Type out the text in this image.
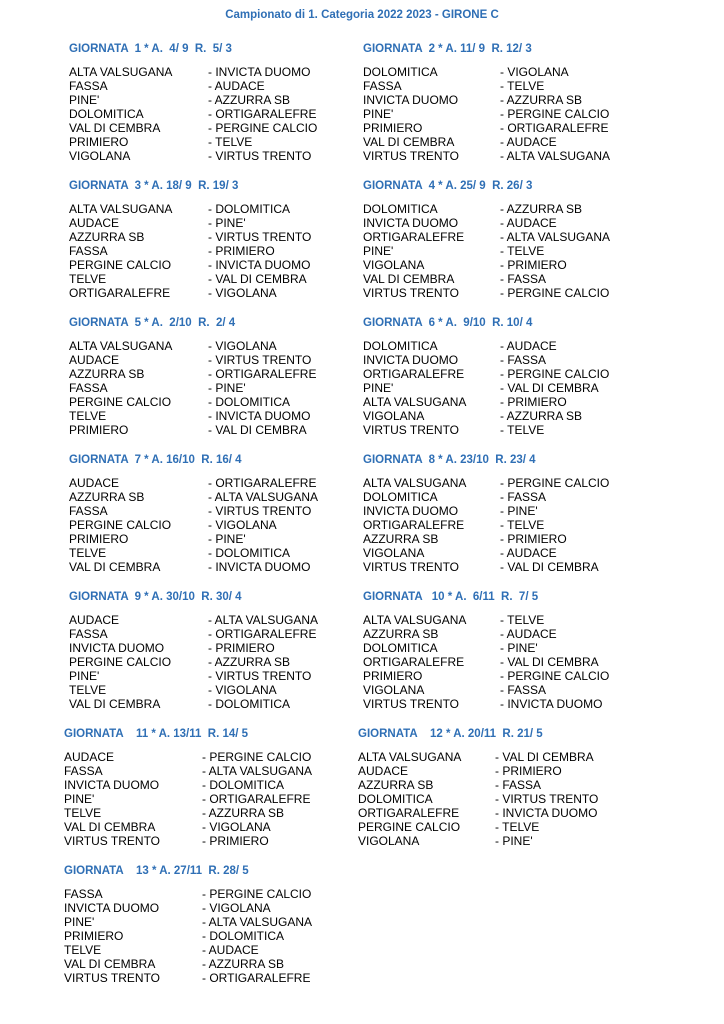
Campionato di 1. Categoria 2022 2023 - GIRONE C
GIORNATA  1 * A.  4/ 9  R.  5/ 3
ALTA VALSUGANA	- INVICTA DUOMO
FASSA	- AUDACE
PINE'	- AZZURRA SB
DOLOMITICA	- ORTIGARALEFRE
VAL DI CEMBRA	- PERGINE CALCIO
PRIMIERO	- TELVE
VIGOLANA	- VIRTUS TRENTO
GIORNATA  2 * A. 11/ 9  R. 12/ 3
DOLOMITICA	- VIGOLANA
FASSA	- TELVE
INVICTA DUOMO	- AZZURRA SB
PINE'	- PERGINE CALCIO
PRIMIERO	- ORTIGARALEFRE
VAL DI CEMBRA	- AUDACE
VIRTUS TRENTO	- ALTA VALSUGANA
GIORNATA  3 * A. 18/ 9  R. 19/ 3
ALTA VALSUGANA	- DOLOMITICA
AUDACE	- PINE'
AZZURRA SB	- VIRTUS TRENTO
FASSA	- PRIMIERO
PERGINE CALCIO	- INVICTA DUOMO
TELVE	- VAL DI CEMBRA
ORTIGARALEFRE	- VIGOLANA
GIORNATA  4 * A. 25/ 9  R. 26/ 3
DOLOMITICA	- AZZURRA SB
INVICTA DUOMO	- AUDACE
ORTIGARALEFRE	- ALTA VALSUGANA
PINE'	- TELVE
VIGOLANA	- PRIMIERO
VAL DI CEMBRA	- FASSA
VIRTUS TRENTO	- PERGINE CALCIO
GIORNATA  5 * A.  2/10  R.  2/ 4
ALTA VALSUGANA	- VIGOLANA
AUDACE	- VIRTUS TRENTO
AZZURRA SB	- ORTIGARALEFRE
FASSA	- PINE'
PERGINE CALCIO	- DOLOMITICA
TELVE	- INVICTA DUOMO
PRIMIERO	- VAL DI CEMBRA
GIORNATA  6 * A.  9/10  R. 10/ 4
DOLOMITICA	- AUDACE
INVICTA DUOMO	- FASSA
ORTIGARALEFRE	- PERGINE CALCIO
PINE'	- VAL DI CEMBRA
ALTA VALSUGANA	- PRIMIERO
VIGOLANA	- AZZURRA SB
VIRTUS TRENTO	- TELVE
GIORNATA  7 * A. 16/10  R. 16/ 4
AUDACE	- ORTIGARALEFRE
AZZURRA SB	- ALTA VALSUGANA
FASSA	- VIRTUS TRENTO
PERGINE CALCIO	- VIGOLANA
PRIMIERO	- PINE'
TELVE	- DOLOMITICA
VAL DI CEMBRA	- INVICTA DUOMO
GIORNATA  8 * A. 23/10  R. 23/ 4
ALTA VALSUGANA	- PERGINE CALCIO
DOLOMITICA	- FASSA
INVICTA DUOMO	- PINE'
ORTIGARALEFRE	- TELVE
AZZURRA SB	- PRIMIERO
VIGOLANA	- AUDACE
VIRTUS TRENTO	- VAL DI CEMBRA
GIORNATA  9 * A. 30/10  R. 30/ 4
AUDACE	- ALTA VALSUGANA
FASSA	- ORTIGARALEFRE
INVICTA DUOMO	- PRIMIERO
PERGINE CALCIO	- AZZURRA SB
PINE'	- VIRTUS TRENTO
TELVE	- VIGOLANA
VAL DI CEMBRA	- DOLOMITICA
GIORNATA   10 * A.  6/11  R.  7/ 5
ALTA VALSUGANA	- TELVE
AZZURRA SB	- AUDACE
DOLOMITICA	- PINE'
ORTIGARALEFRE	- VAL DI CEMBRA
PRIMIERO	- PERGINE CALCIO
VIGOLANA	- FASSA
VIRTUS TRENTO	- INVICTA DUOMO
GIORNATA    11 * A. 13/11  R. 14/ 5
AUDACE	- PERGINE CALCIO
FASSA	- ALTA VALSUGANA
INVICTA DUOMO	- DOLOMITICA
PINE'	- ORTIGARALEFRE
TELVE	- AZZURRA SB
VAL DI CEMBRA	- VIGOLANA
VIRTUS TRENTO	- PRIMIERO
GIORNATA    12 * A. 20/11  R. 21/ 5
ALTA VALSUGANA	- VAL DI CEMBRA
AUDACE	- PRIMIERO
AZZURRA SB	- FASSA
DOLOMITICA	- VIRTUS TRENTO
ORTIGARALEFRE	- INVICTA DUOMO
PERGINE CALCIO	- TELVE
VIGOLANA	- PINE'
GIORNATA    13 * A. 27/11  R. 28/ 5
FASSA	- PERGINE CALCIO
INVICTA DUOMO	- VIGOLANA
PINE'	- ALTA VALSUGANA
PRIMIERO	- DOLOMITICA
TELVE	- AUDACE
VAL DI CEMBRA	- AZZURRA SB
VIRTUS TRENTO	- ORTIGARALEFRE
